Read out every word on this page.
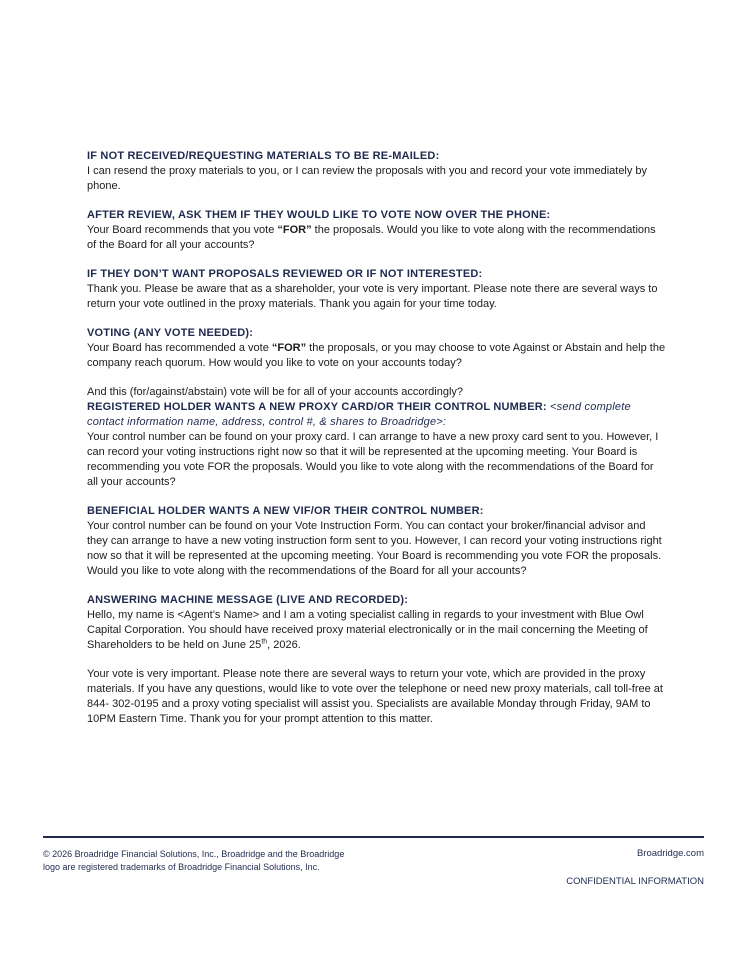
IF NOT RECEIVED/REQUESTING MATERIALS TO BE RE-MAILED:

I can resend the proxy materials to you, or I can review the proposals with you and record your vote immediately by phone.

AFTER REVIEW, ASK THEM IF THEY WOULD LIKE TO VOTE NOW OVER THE PHONE:

Your Board recommends that you vote “FOR” the proposals. Would you like to vote along with the recommendations of the Board for all your accounts?

IF THEY DON’T WANT PROPOSALS REVIEWED OR IF NOT INTERESTED:

Thank you. Please be aware that as a shareholder, your vote is very important. Please note there are several ways to return your vote outlined in the proxy materials. Thank you again for your time today.

VOTING (ANY VOTE NEEDED):

Your Board has recommended a vote “FOR” the proposals, or you may choose to vote Against or Abstain and help the company reach quorum. How would you like to vote on your accounts today?

And this (for/against/abstain) vote will be for all of your accounts accordingly?

REGISTERED HOLDER WANTS A NEW PROXY CARD/OR THEIR CONTROL NUMBER: <send complete contact information name, address, control #, & shares to Broadridge>:

Your control number can be found on your proxy card. I can arrange to have a new proxy card sent to you. However, I can record your voting instructions right now so that it will be represented at the upcoming meeting. Your Board is recommending you vote FOR the proposals. Would you like to vote along with the recommendations of the Board for all your accounts?

BENEFICIAL HOLDER WANTS A NEW VIF/OR THEIR CONTROL NUMBER:

Your control number can be found on your Vote Instruction Form. You can contact your broker/financial advisor and they can arrange to have a new voting instruction form sent to you. However, I can record your voting instructions right now so that it will be represented at the upcoming meeting. Your Board is recommending you vote FOR the proposals. Would you like to vote along with the recommendations of the Board for all your accounts?

ANSWERING MACHINE MESSAGE (LIVE AND RECORDED):

Hello, my name is <Agent’s Name> and I am a voting specialist calling in regards to your investment with Blue Owl Capital Corporation. You should have received proxy material electronically or in the mail concerning the Meeting of Shareholders to be held on June 25th, 2026.

Your vote is very important. Please note there are several ways to return your vote, which are provided in the proxy materials. If you have any questions, would like to vote over the telephone or need new proxy materials, call toll-free at 844- 302-0195 and a proxy voting specialist will assist you. Specialists are available Monday through Friday, 9AM to 10PM Eastern Time. Thank you for your prompt attention to this matter.

© 2026 Broadridge Financial Solutions, Inc., Broadridge and the Broadridge logo are registered trademarks of Broadridge Financial Solutions, Inc.
Broadridge.com
CONFIDENTIAL INFORMATION
